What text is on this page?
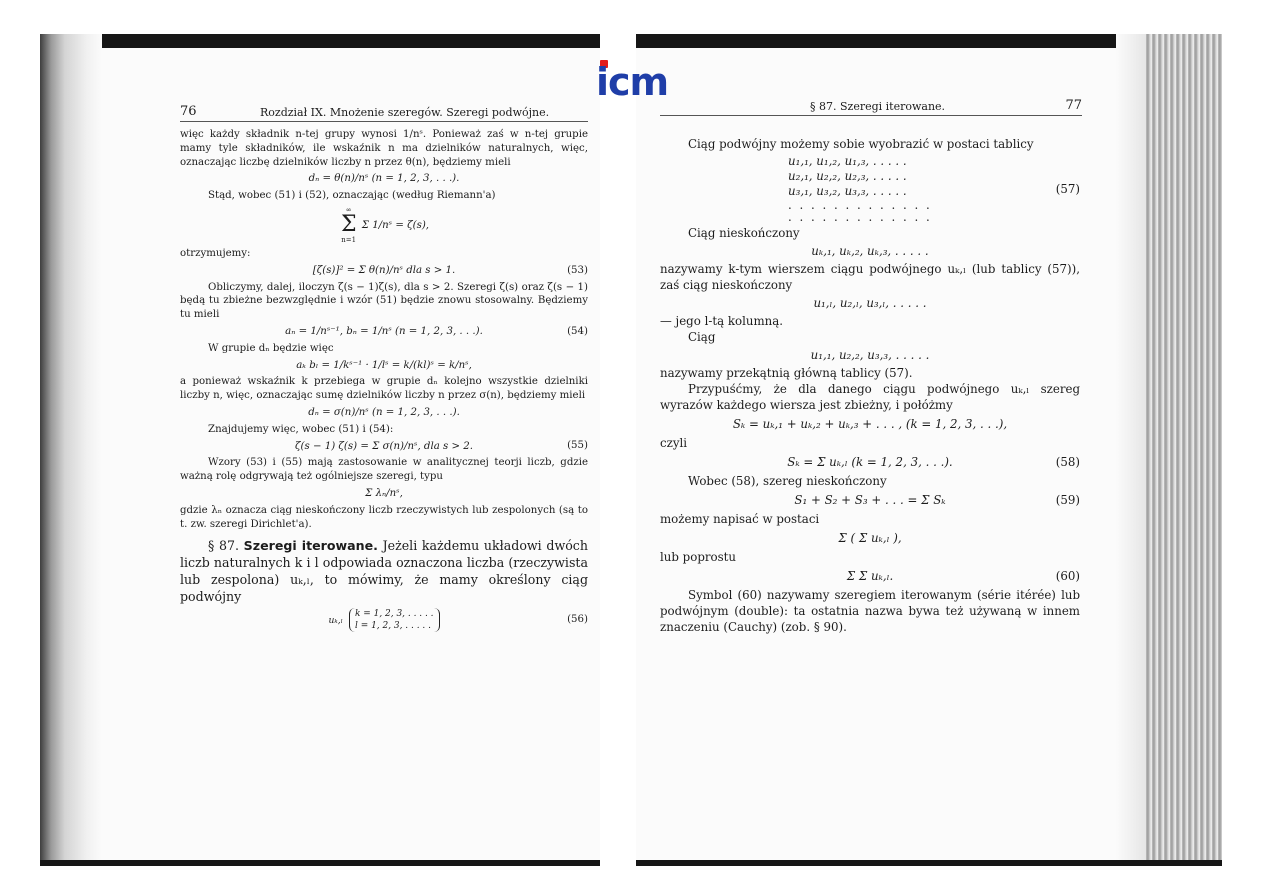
76	Rozdział IX. Mnożenie szeregów. Szeregi podwójne.

więc każdy składnik n-tej grupy wynosi 1/nˢ. Ponieważ zaś w n-tej grupie mamy tyle składników, ile wskaźnik n ma dzielników naturalnych, więc, oznaczając liczbę dzielników liczby n przez θ(n), będziemy mieli

dₙ = θ(n)/nˢ (n = 1, 2, 3, . . .).

Stąd, wobec (51) i (52), oznaczając (według Riemann'a)

∞
Σ
n=1
Σ 1/nˢ = ζ(s),

otrzymujemy:

[ζ(s)]² = Σ θ(n)/nˢ dla s > 1.	(53)

Obliczymy, dalej, iloczyn ζ(s − 1)ζ(s), dla s > 2. Szeregi ζ(s) oraz ζ(s − 1) będą tu zbieżne bezwzględnie i wzór (51) będzie znowu stosowalny. Będziemy tu mieli

aₙ = 1/nˢ⁻¹, bₙ = 1/nˢ (n = 1, 2, 3, . . .).	(54)

W grupie dₙ będzie więc

aₖ bₗ = 1/kˢ⁻¹ · 1/lˢ = k/(kl)ˢ = k/nˢ,

a ponieważ wskaźnik k przebiega w grupie dₙ kolejno wszystkie dzielniki liczby n, więc, oznaczając sumę dzielników liczby n przez σ(n), będziemy mieli

dₙ = σ(n)/nˢ (n = 1, 2, 3, . . .).

Znajdujemy więc, wobec (51) i (54):

ζ(s − 1) ζ(s) = Σ σ(n)/nˢ, dla s > 2.	(55)

Wzory (53) i (55) mają zastosowanie w analitycznej teorji liczb, gdzie ważną rolę odgrywają też ogólniejsze szeregi, typu

Σ λₙ/nˢ,

gdzie λₙ oznacza ciąg nieskończony liczb rzeczywistych lub zespolonych (są to t. zw. szeregi Dirichlet'a).

§ 87. Szeregi iterowane. Jeżeli każdemu układowi dwóch liczb naturalnych k i l odpowiada oznaczona liczba (rzeczywista lub zespolona) uₖ,ₗ, to mówimy, że mamy określony ciąg podwójny

uₖ,ₗ
k = 1, 2, 3, . . . . .
l = 1, 2, 3, . . . . .
(56)
§ 87. Szeregi iterowane.	77

Ciąg podwójny możemy sobie wyobrazić w postaci tablicy

u₁,₁, u₁,₂, u₁,₃, . . . . .
u₂,₁, u₂,₂, u₂,₃, . . . . .
u₃,₁, u₃,₂, u₃,₃, . . . . .
. . . . . . . . . . . . .
. . . . . . . . . . . . .
(57)

Ciąg nieskończony

uₖ,₁, uₖ,₂, uₖ,₃, . . . . .

nazywamy k-tym wierszem ciągu podwójnego uₖ,ₗ (lub tablicy (57)), zaś ciąg nieskończony

u₁,ₗ, u₂,ₗ, u₃,ₗ, . . . . .

— jego l-tą kolumną.

Ciąg

u₁,₁, u₂,₂, u₃,₃, . . . . .

nazywamy przekątnią główną tablicy (57).

Przypuśćmy, że dla danego ciągu podwójnego uₖ,ₗ szereg wyrazów każdego wiersza jest zbieżny, i połóżmy

Sₖ = uₖ,₁ + uₖ,₂ + uₖ,₃ + . . . , (k = 1, 2, 3, . . .),

czyli

Sₖ = Σ uₖ,ₗ (k = 1, 2, 3, . . .).	(58)

Wobec (58), szereg nieskończony

S₁ + S₂ + S₃ + . . . = Σ Sₖ	(59)

możemy napisać w postaci

Σ ( Σ uₖ,ₗ ),

lub poprostu

Σ Σ uₖ,ₗ.	(60)

Symbol (60) nazywamy szeregiem iterowanym (série itérée) lub podwójnym (double): ta ostatnia nazwa bywa też używaną w innem znaczeniu (Cauchy) (zob. § 90).

icm
